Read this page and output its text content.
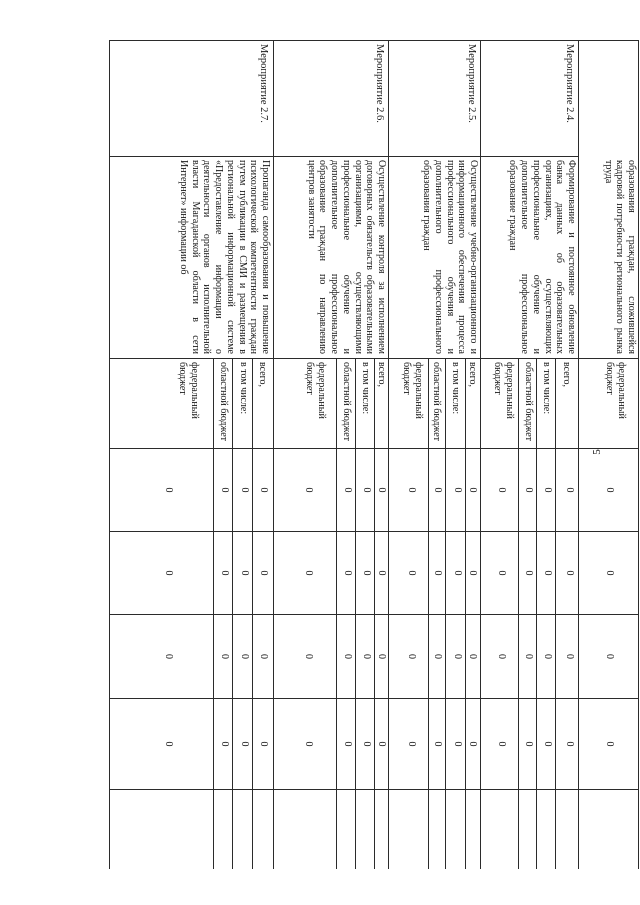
5
образования граждан, сложившейся кадровой потребности регионального рынка труда
федеральный
бюджет
0
0
0
0
Мероприятие 2.4.
Формирование и постоянное обновление банка данных об образовательных организациях, осуществляющих профессиональное обучение и дополнительное профессиональное образование граждан
всего,
в том числе:
областной бюджет
федеральный бюджет
Мероприятие 2.5.
Осуществление учебно-организационного и информационного обеспечения процесса профессионального обучения и дополнительного профессионального образования граждан
всего,
в том числе:
областной бюджет
федеральный бюджет
Мероприятие 2.6.
Осуществление контроля за исполнением договорных обязательств образовательными организациями, осуществляющими профессиональное обучение и дополнительное профессиональное образование граждан по направлению центров занятости
всего,
в том числе:
областной бюджет
федеральный бюджет
Мероприятие 2.7.
Пропаганда самообразования и повышение психологической компетентности граждан путем публикации в СМИ и размещения в региональной информационной системе «Предоставление информации о деятельности органов исполнительной власти Магаданской области в сети Интернет» информации об
всего,
в том числе:
областной бюджет
федеральный бюджет
0
0
0
0
0
0
0
0
0
0
0
0
0
0
0
0
0
0
0
0
0
0
0
0
0
0
0
0
0
0
0
0
0
0
0
0
0
0
0
0
0
0
0
0
0
0
0
0
0
0
0
0
0
0
0
0
0
0
0
0
0
0
0
0
